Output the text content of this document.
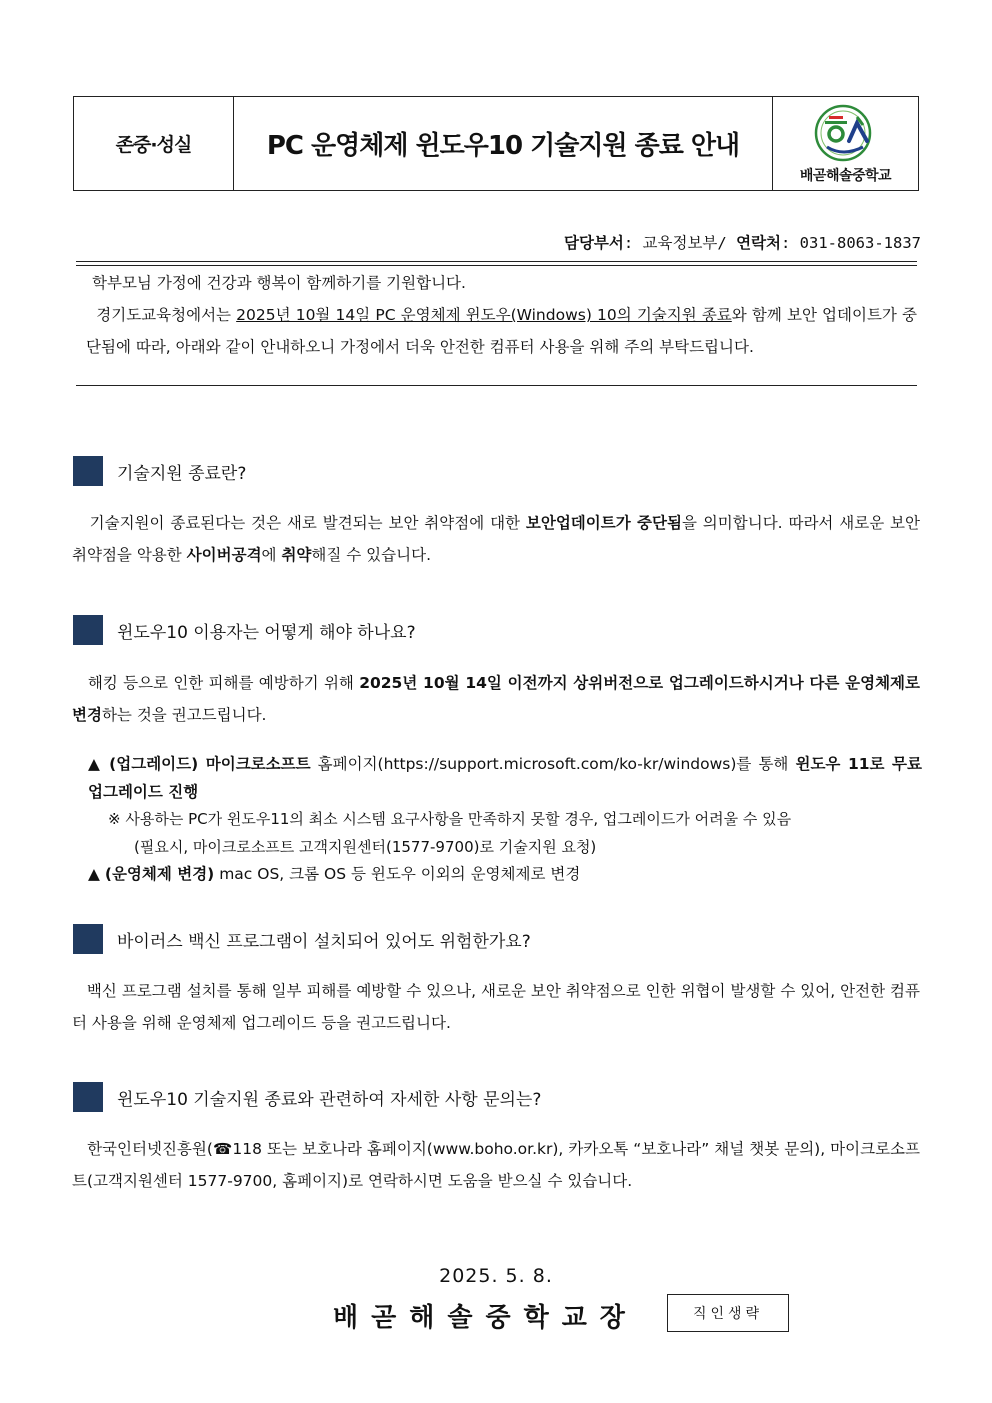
존중·성실	PC 운영체제 윈도우10 기술지원 종료 안내
배곧해솔중학교
담당부서: 교육정보부/ 연락처: 031-8063-1837

학부모님 가정에 건강과 행복이 함께하기를 기원합니다.

경기도교육청에서는 2025년 10월 14일 PC 운영체제 윈도우(Windows) 10의 기술지원 종료와 함께 보안 업데이트가 중단됨에 따라, 아래와 같이 안내하오니 가정에서 더욱 안전한 컴퓨터 사용을 위해 주의 부탁드립니다.

기술지원 종료란?

기술지원이 종료된다는 것은 새로 발견되는 보안 취약점에 대한 보안업데이트가 중단됨을 의미합니다. 따라서 새로운 보안 취약점을 악용한 사이버공격에 취약해질 수 있습니다.

윈도우10 이용자는 어떻게 해야 하나요?

해킹 등으로 인한 피해를 예방하기 위해 2025년 10월 14일 이전까지 상위버전으로 업그레이드하시거나 다른 운영체제로 변경하는 것을 권고드립니다.

▲ (업그레이드) 마이크로소프트 홈페이지(https://support.microsoft.com/ko-kr/windows)를 통해 윈도우 11로 무료 업그레이드 진행
※ 사용하는 PC가 윈도우11의 최소 시스템 요구사항을 만족하지 못할 경우, 업그레이드가 어려울 수 있음
(필요시, 마이크로소프트 고객지원센터(1577-9700)로 기술지원 요청)
▲ (운영체제 변경) mac OS, 크롬 OS 등 윈도우 이외의 운영체제로 변경
바이러스 백신 프로그램이 설치되어 있어도 위험한가요?

백신 프로그램 설치를 통해 일부 피해를 예방할 수 있으나, 새로운 보안 취약점으로 인한 위협이 발생할 수 있어, 안전한 컴퓨터 사용을 위해 운영체제 업그레이드 등을 권고드립니다.

윈도우10 기술지원 종료와 관련하여 자세한 사항 문의는?

한국인터넷진흥원(☎118 또는 보호나라 홈페이지(www.boho.or.kr), 카카오톡 “보호나라” 채널 챗봇 문의), 마이크로소프트(고객지원센터 1577-9700, 홈페이지)로 연락하시면 도움을 받으실 수 있습니다.

2025. 5. 8.
배곧해솔중학교장	직인생략
